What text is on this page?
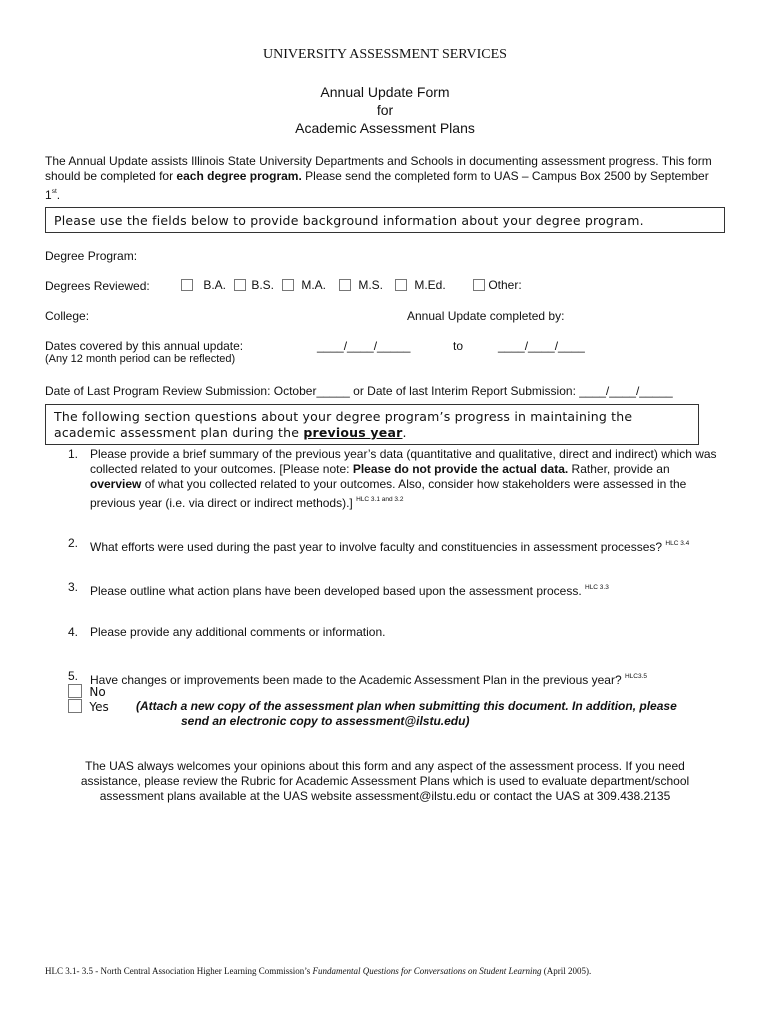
UNIVERSITY ASSESSMENT SERVICES
Annual Update Form
for
Academic Assessment Plans
The Annual Update assists Illinois State University Departments and Schools in documenting assessment progress. This form should be completed for each degree program. Please send the completed form to UAS – Campus Box 2500 by September 1st.
Please use the fields below to provide background information about your degree program.
Degree Program:
Degrees Reviewed:	B.A.	B.S.	M.A.	M.S.	M.Ed.	Other:
College:	Annual Update completed by:
Dates covered by this annual update:
(Any 12 month period can be reflected)
____/____/_____	to	____/____/____
Date of Last Program Review Submission: October_____ or Date of last Interim Report Submission: ____/____/_____
The following section questions about your degree program’s progress in maintaining the academic assessment plan during the previous year.
1. Please provide a brief summary of the previous year’s data (quantitative and qualitative, direct and indirect) which was collected related to your outcomes. [Please note: Please do not provide the actual data. Rather, provide an overview of what you collected related to your outcomes. Also, consider how stakeholders were assessed in the previous year (i.e. via direct or indirect methods).] $^{HLC 3.1 and 3.2}$
2. What efforts were used during the past year to involve faculty and constituencies in assessment processes? $^{HLC 3.4}$
3. Please outline what action plans have been developed based upon the assessment process. $^{HLC 3.3}$
4. Please provide any additional comments or information.
5. Have changes or improvements been made to the Academic Assessment Plan in the previous year? $^{HLC3.5}$
No
Yes (Attach a new copy of the assessment plan when submitting this document. In addition, please
send an electronic copy to assessment@ilstu.edu)
The UAS always welcomes your opinions about this form and any aspect of the assessment process. If you need
assistance, please review the Rubric for Academic Assessment Plans which is used to evaluate department/school
assessment plans available at the UAS website assessment@ilstu.edu or contact the UAS at 309.438.2135
HLC 3.1- 3.5 - North Central Association Higher Learning Commission’s Fundamental Questions for Conversations on Student Learning (April 2005).
